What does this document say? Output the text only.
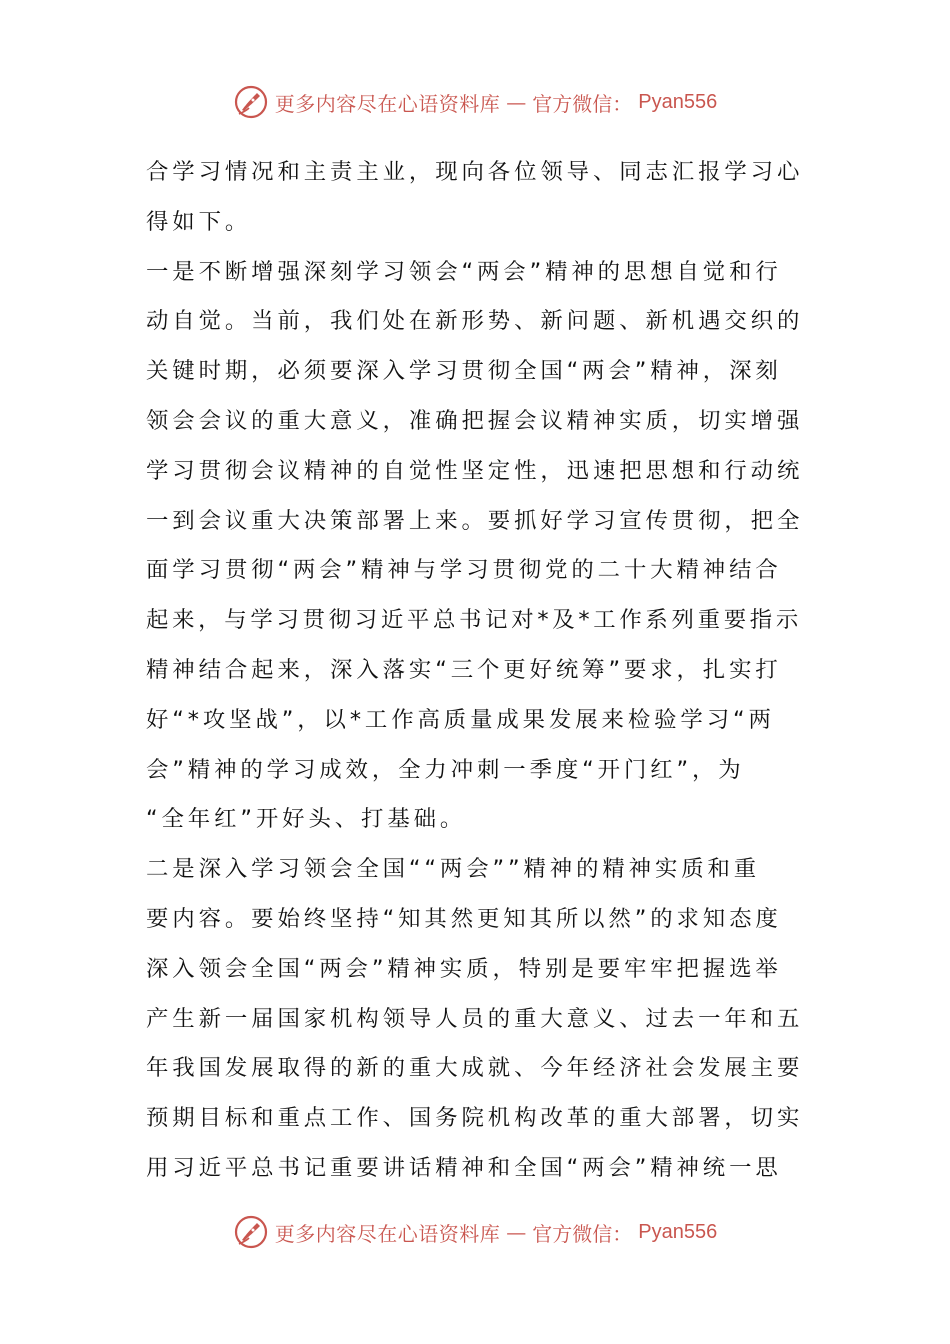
更多内容尽在心语资料库 — 官方微信： Pyan556
合学习情况和主责主业，现向各位领导、同志汇报学习心
得如下。
一是不断增强深刻学习领会“两会”精神的思想自觉和行
动自觉。当前，我们处在新形势、新问题、新机遇交织的
关键时期，必须要深入学习贯彻全国“两会”精神，深刻
领会会议的重大意义，准确把握会议精神实质，切实增强
学习贯彻会议精神的自觉性坚定性，迅速把思想和行动统
一到会议重大决策部署上来。要抓好学习宣传贯彻，把全
面学习贯彻“两会”精神与学习贯彻党的二十大精神结合
起来，与学习贯彻习近平总书记对*及*工作系列重要指示
精神结合起来，深入落实“三个更好统筹”要求，扎实打
好“*攻坚战”，以*工作高质量成果发展来检验学习“两
会”精神的学习成效，全力冲刺一季度“开门红”，为
“全年红”开好头、打基础。
二是深入学习领会全国““两会””精神的精神实质和重
要内容。要始终坚持“知其然更知其所以然”的求知态度
深入领会全国“两会”精神实质，特别是要牢牢把握选举
产生新一届国家机构领导人员的重大意义、过去一年和五
年我国发展取得的新的重大成就、今年经济社会发展主要
预期目标和重点工作、国务院机构改革的重大部署，切实
用习近平总书记重要讲话精神和全国“两会”精神统一思
更多内容尽在心语资料库 — 官方微信： Pyan556
